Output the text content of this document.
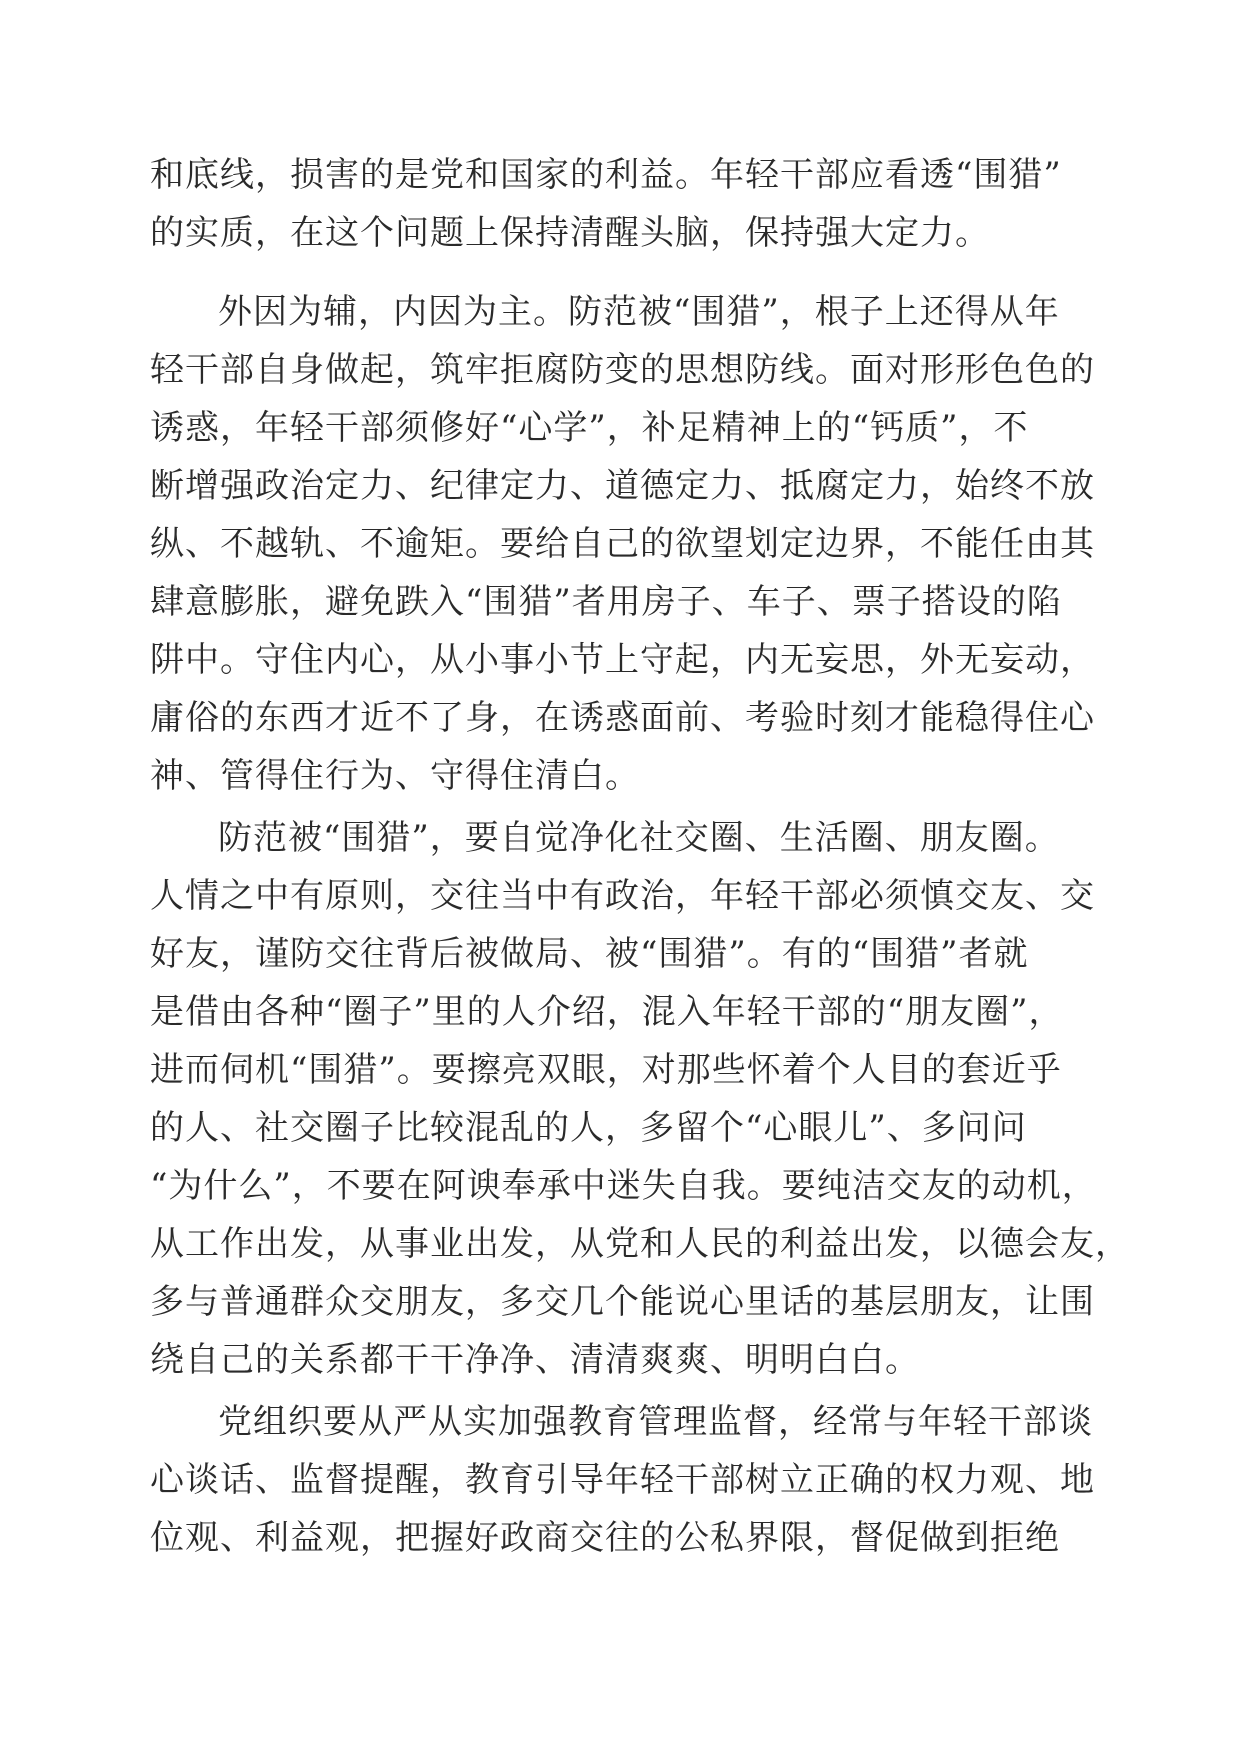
和底线，损害的是党和国家的利益。年轻干部应看透“围猎”
的实质，在这个问题上保持清醒头脑，保持强大定力。
外因为辅，内因为主。防范被“围猎”，根子上还得从年
轻干部自身做起，筑牢拒腐防变的思想防线。面对形形色色的
诱惑，年轻干部须修好“心学”，补足精神上的“钙质”，不
断增强政治定力、纪律定力、道德定力、抵腐定力，始终不放
纵、不越轨、不逾矩。要给自己的欲望划定边界，不能任由其
肆意膨胀，避免跌入“围猎”者用房子、车子、票子搭设的陷
阱中。守住内心，从小事小节上守起，内无妄思，外无妄动，
庸俗的东西才近不了身，在诱惑面前、考验时刻才能稳得住心
神、管得住行为、守得住清白。
防范被“围猎”，要自觉净化社交圈、生活圈、朋友圈。
人情之中有原则，交往当中有政治，年轻干部必须慎交友、交
好友，谨防交往背后被做局、被“围猎”。有的“围猎”者就
是借由各种“圈子”里的人介绍，混入年轻干部的“朋友圈”，
进而伺机“围猎”。要擦亮双眼，对那些怀着个人目的套近乎
的人、社交圈子比较混乱的人，多留个“心眼儿”、多问问
“为什么”，不要在阿谀奉承中迷失自我。要纯洁交友的动机，
从工作出发，从事业出发，从党和人民的利益出发，以德会友，
多与普通群众交朋友，多交几个能说心里话的基层朋友，让围
绕自己的关系都干干净净、清清爽爽、明明白白。
党组织要从严从实加强教育管理监督，经常与年轻干部谈
心谈话、监督提醒，教育引导年轻干部树立正确的权力观、地
位观、利益观，把握好政商交往的公私界限，督促做到拒绝
